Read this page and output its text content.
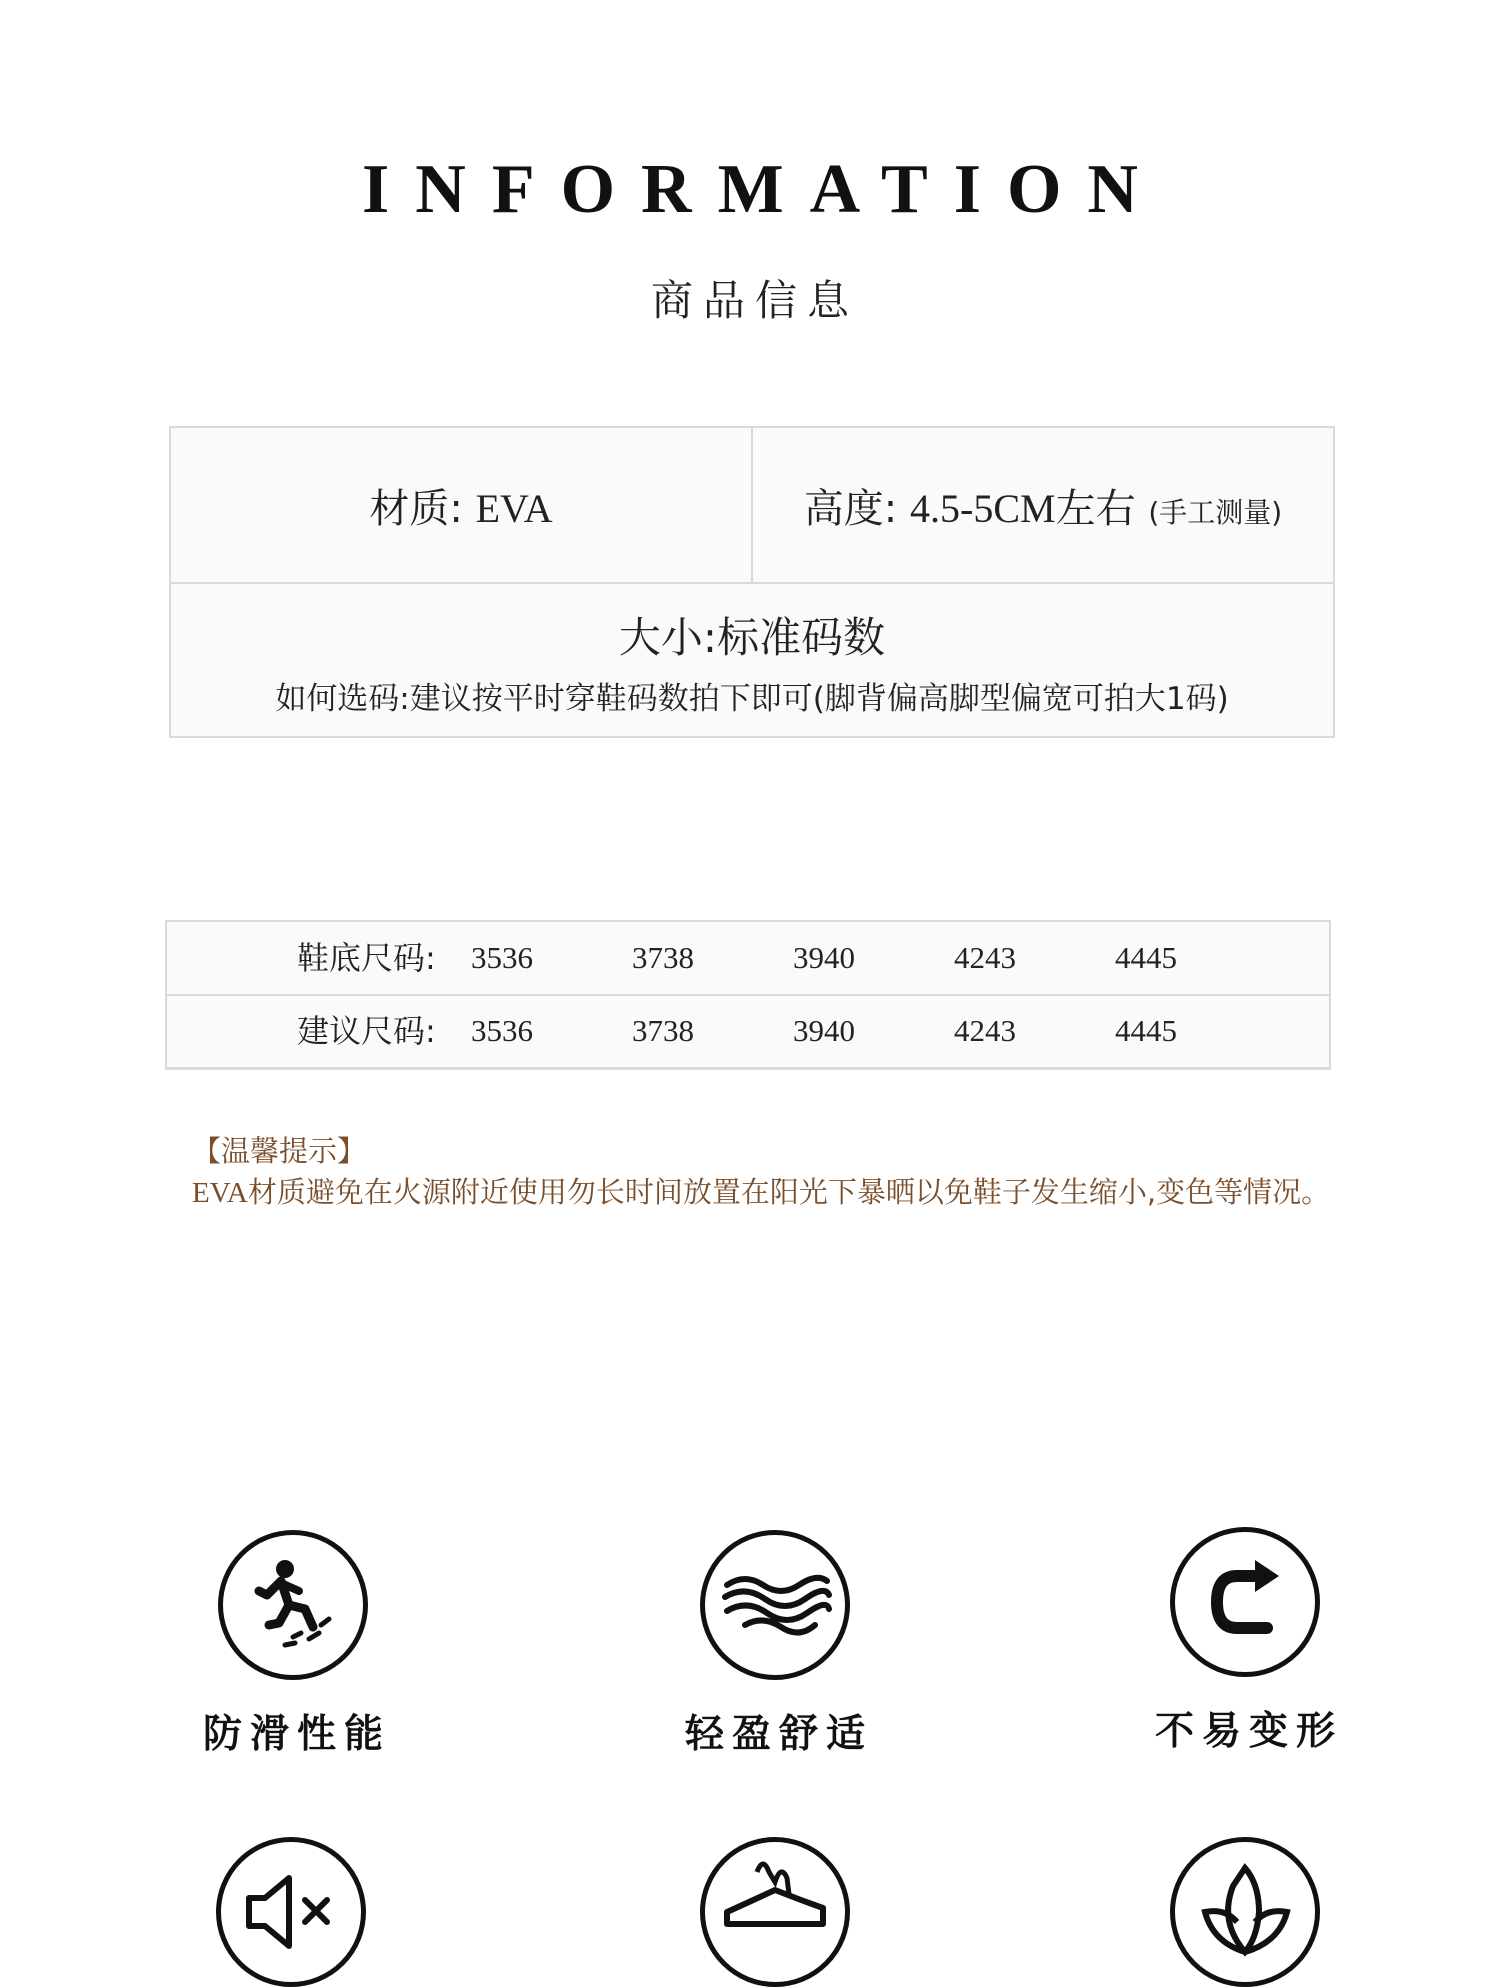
INFORMATION
商品信息
材质: EVA	高度: 4.5-5CM左右 (手工测量)
大小:标准码数
如何选码:建议按平时穿鞋码数拍下即可(脚背偏高脚型偏宽可拍大1码)
鞋底尺码: 3536	3738	3940	4243	4445
建议尺码: 3536	3738	3940	4243	4445
【温馨提示】
EVA材质避免在火源附近使用勿长时间放置在阳光下暴晒以免鞋子发生缩小,变色等情况。
防滑性能	轻盈舒适	不易变形
